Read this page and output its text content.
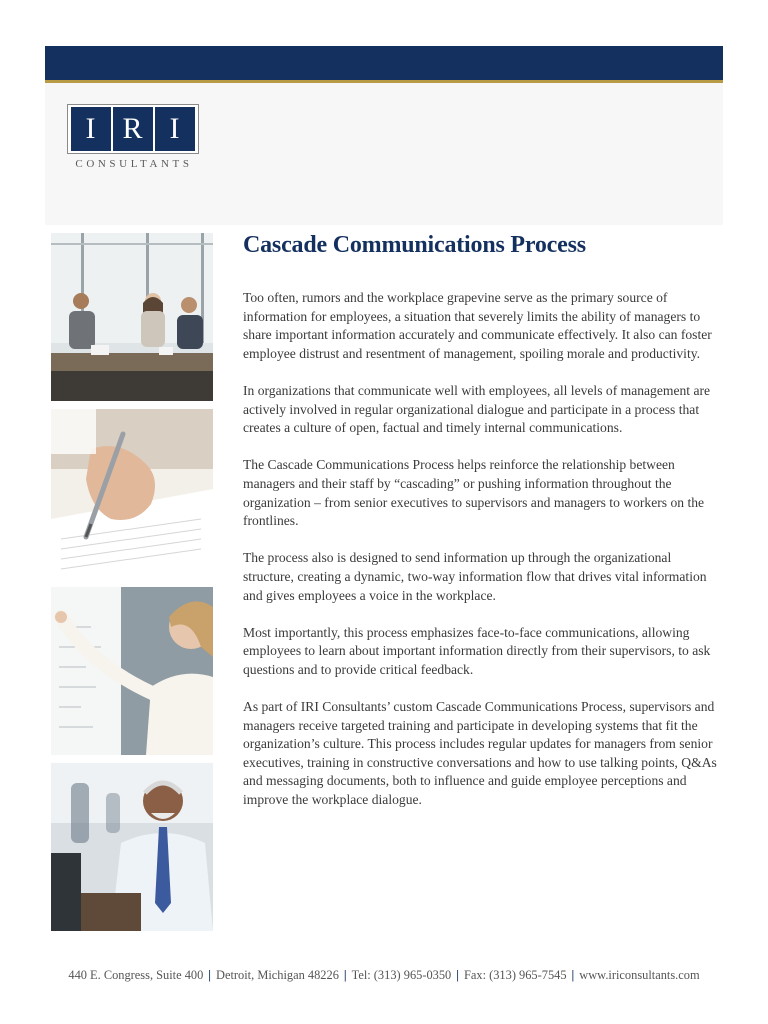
I R I
CONSULTANTS
Cascade Communications Process

Too often, rumors and the workplace grapevine serve as the primary source of information for employees, a situation that severely limits the ability of managers to share important information accurately and communicate effectively. It also can foster employee distrust and resentment of management, spoiling morale and productivity.

In organizations that communicate well with employees, all levels of management are actively involved in regular organizational dialogue and participate in a process that creates a culture of open, factual and timely internal communications.

The Cascade Communications Process helps reinforce the relationship between managers and their staff by “cascading” or pushing information throughout the organization – from senior executives to supervisors and managers to workers on the frontlines.

The process also is designed to send information up through the organizational structure, creating a dynamic, two-way information flow that drives vital information and gives employees a voice in the workplace.

Most importantly, this process emphasizes face-to-face communications, allowing employees to learn about important information directly from their supervisors, to ask questions and to provide critical feedback.

As part of IRI Consultants’ custom Cascade Communications Process, supervisors and managers receive targeted training and participate in developing systems that fit the organization’s culture. This process includes regular updates for managers from senior executives, training in constructive conversations and how to use talking points, Q&As and messaging documents, both to influence and guide employee perceptions and improve the workplace dialogue.

440 E. Congress, Suite 400 | Detroit, Michigan 48226 | Tel: (313) 965-0350 | Fax: (313) 965-7545 | www.iriconsultants.com
